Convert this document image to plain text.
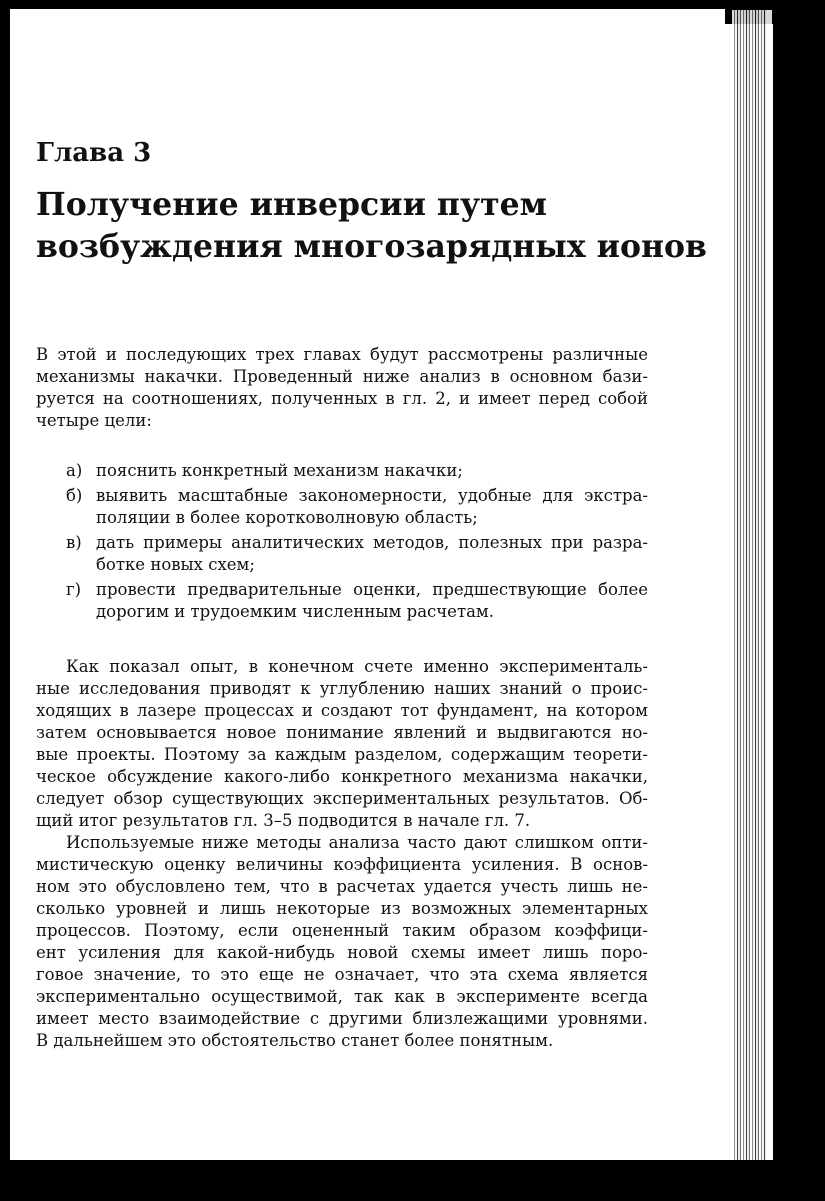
Глава 3
Получение инверсии путем
возбуждения многозарядных ионов

В этой и последующих трех главах будут рассмотрены различные
механизмы накачки. Проведенный ниже анализ в основном бази-
руется на соотношениях, полученных в гл. 2, и имеет перед собой
четыре цели:

а) пояснить конкретный механизм накачки;
б) выявить масштабные закономерности, удобные для экстра-
поляции в более коротковолновую область;
в) дать примеры аналитических методов, полезных при разра-
ботке новых схем;
г) провести предварительные оценки, предшествующие более
дорогим и трудоемким численным расчетам.

Как показал опыт, в конечном счете именно эксперименталь-
ные исследования приводят к углублению наших знаний о проис-
ходящих в лазере процессах и создают тот фундамент, на котором
затем основывается новое понимание явлений и выдвигаются но-
вые проекты. Поэтому за каждым разделом, содержащим теорети-
ческое обсуждение какого-либо конкретного механизма накачки,
следует обзор существующих экспериментальных результатов. Об-
щий итог результатов гл. 3–5 подводится в начале гл. 7.

Используемые ниже методы анализа часто дают слишком опти-
мистическую оценку величины коэффициента усиления. В основ-
ном это обусловлено тем, что в расчетах удается учесть лишь не-
сколько уровней и лишь некоторые из возможных элементарных
процессов. Поэтому, если оцененный таким образом коэффици-
ент усиления для какой-нибудь новой схемы имеет лишь поро-
говое значение, то это еще не означает, что эта схема является
экспериментально осуществимой, так как в эксперименте всегда
имеет место взаимодействие с другими близлежащими уровнями.
В дальнейшем это обстоятельство станет более понятным.
